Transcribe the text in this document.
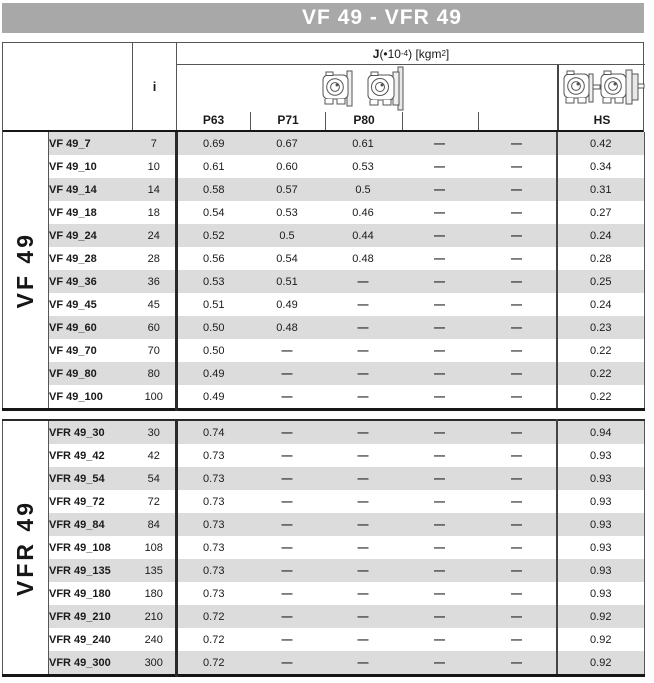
VF 49 - VFR 49
i
J (•10 -4 ) [kgm 2 ]
P63	P71	P80	HS
VF 49	VF 49_7	7	0.69	0.67	0.61	—	—	0.42
	VF 49_10	10	0.61	0.60	0.53	—	—	0.34
	VF 49_14	14	0.58	0.57	0.5	—	—	0.31
	VF 49_18	18	0.54	0.53	0.46	—	—	0.27
	VF 49_24	24	0.52	0.5	0.44	—	—	0.24
	VF 49_28	28	0.56	0.54	0.48	—	—	0.28
	VF 49_36	36	0.53	0.51	—	—	—	0.25
	VF 49_45	45	0.51	0.49	—	—	—	0.24
	VF 49_60	60	0.50	0.48	—	—	—	0.23
	VF 49_70	70	0.50	—	—	—	—	0.22
	VF 49_80	80	0.49	—	—	—	—	0.22
	VF 49_100	100	0.49	—	—	—	—	0.22
VFR 49	VFR 49_30	30	0.74	—	—	—	—	0.94
	VFR 49_42	42	0.73	—	—	—	—	0.93
	VFR 49_54	54	0.73	—	—	—	—	0.93
	VFR 49_72	72	0.73	—	—	—	—	0.93
	VFR 49_84	84	0.73	—	—	—	—	0.93
	VFR 49_108	108	0.73	—	—	—	—	0.93
	VFR 49_135	135	0.73	—	—	—	—	0.93
	VFR 49_180	180	0.73	—	—	—	—	0.93
	VFR 49_210	210	0.72	—	—	—	—	0.92
	VFR 49_240	240	0.72	—	—	—	—	0.92
	VFR 49_300	300	0.72	—	—	—	—	0.92
